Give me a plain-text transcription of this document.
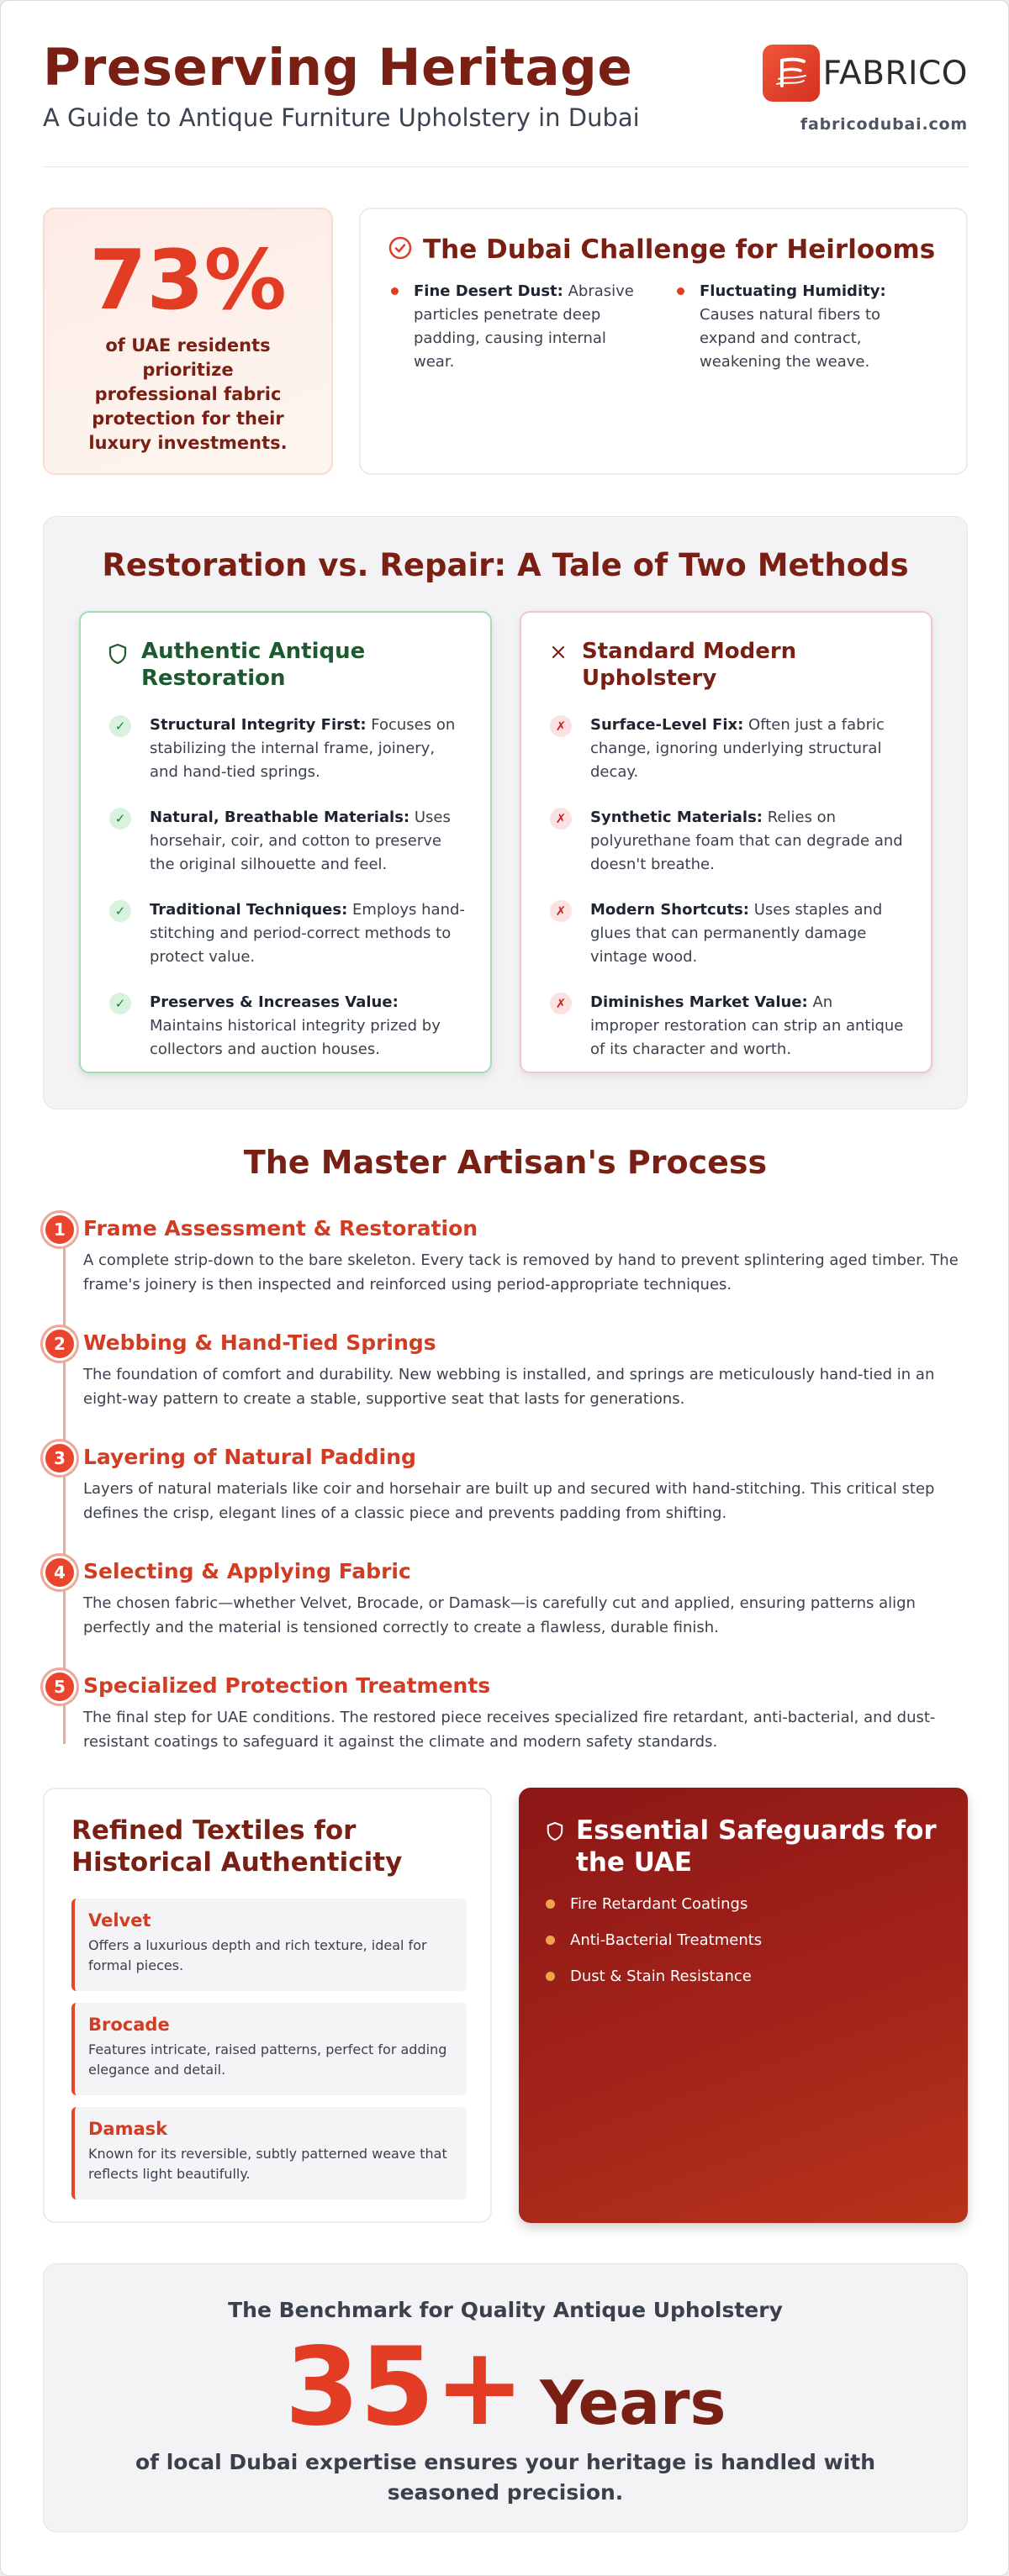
Preserving Heritage
A Guide to Antique Furniture Upholstery in Dubai
FABRICO
fabricodubai.com
73%
of UAE residents prioritize professional fabric protection for their luxury investments.
The Dubai Challenge for Heirlooms
Fine Desert Dust: Abrasive particles penetrate deep padding, causing internal wear.
Fluctuating Humidity: Causes natural fibers to expand and contract, weakening the weave.
Restoration vs. Repair: A Tale of Two Methods
Authentic Antique Restoration
✓	Structural Integrity First: Focuses on stabilizing the internal frame, joinery, and hand-tied springs.
✓	Natural, Breathable Materials: Uses horsehair, coir, and cotton to preserve the original silhouette and feel.
✓	Traditional Techniques: Employs hand-stitching and period-correct methods to protect value.
✓	Preserves & Increases Value: Maintains historical integrity prized by collectors and auction houses.
Standard Modern Upholstery
✗	Surface-Level Fix: Often just a fabric change, ignoring underlying structural decay.
✗	Synthetic Materials: Relies on polyurethane foam that can degrade and doesn't breathe.
✗	Modern Shortcuts: Uses staples and glues that can permanently damage vintage wood.
✗	Diminishes Market Value: An improper restoration can strip an antique of its character and worth.
The Master Artisan's Process
1 Frame Assessment & Restoration
A complete strip-down to the bare skeleton. Every tack is removed by hand to prevent splintering aged timber. The frame's joinery is then inspected and reinforced using period-appropriate techniques.
2 Webbing & Hand-Tied Springs
The foundation of comfort and durability. New webbing is installed, and springs are meticulously hand-tied in an eight-way pattern to create a stable, supportive seat that lasts for generations.
3 Layering of Natural Padding
Layers of natural materials like coir and horsehair are built up and secured with hand-stitching. This critical step defines the crisp, elegant lines of a classic piece and prevents padding from shifting.
4 Selecting & Applying Fabric
The chosen fabric—whether Velvet, Brocade, or Damask—is carefully cut and applied, ensuring patterns align perfectly and the material is tensioned correctly to create a flawless, durable finish.
5 Specialized Protection Treatments
The final step for UAE conditions. The restored piece receives specialized fire retardant, anti-bacterial, and dust-resistant coatings to safeguard it against the climate and modern safety standards.
Refined Textiles for Historical Authenticity
Velvet
Offers a luxurious depth and rich texture, ideal for formal pieces.
Brocade
Features intricate, raised patterns, perfect for adding elegance and detail.
Damask
Known for its reversible, subtly patterned weave that reflects light beautifully.
Essential Safeguards for the UAE
Fire Retardant Coatings
Anti-Bacterial Treatments
Dust & Stain Resistance
The Benchmark for Quality Antique Upholstery
35+ Years
of local Dubai expertise ensures your heritage is handled with seasoned precision.
